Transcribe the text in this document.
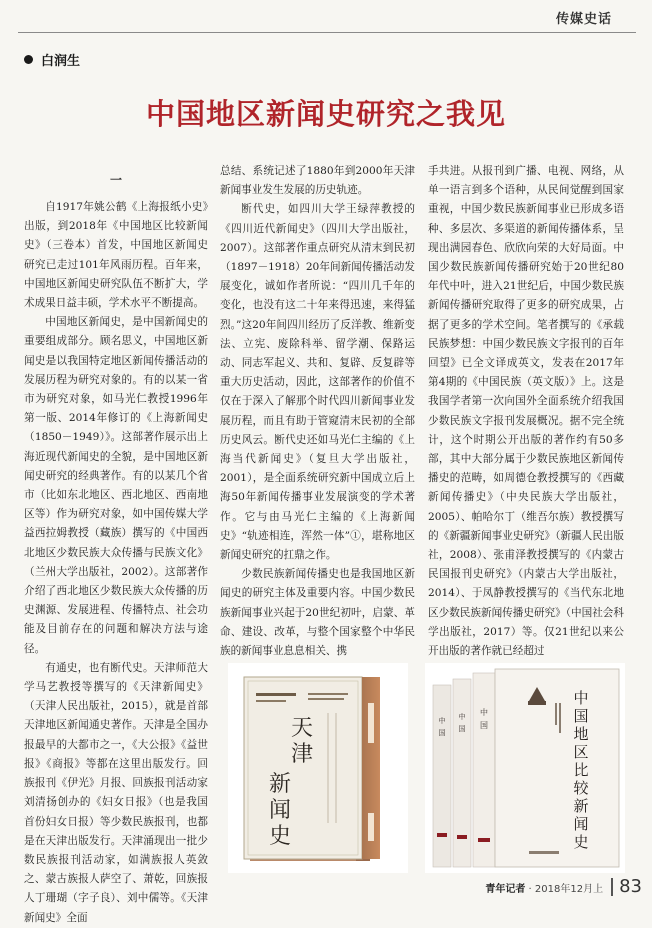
传媒史话
白润生
中国地区新闻史研究之我见

一

自1917年姚公鹤《上海报纸小史》出版，到2018年《中国地区比较新闻史》（三卷本）首发，中国地区新闻史研究已走过101年风雨历程。百年来，中国地区新闻史研究队伍不断扩大，学术成果日益丰硕，学术水平不断提高。

中国地区新闻史，是中国新闻史的重要组成部分。顾名思义，中国地区新闻史是以我国特定地区新闻传播活动的发展历程为研究对象的。有的以某一省市为研究对象，如马光仁教授1996年第一版、2014年修订的《上海新闻史（1850－1949）》。这部著作展示出上海近现代新闻史的全貌，是中国地区新闻史研究的经典著作。有的以某几个省市（比如东北地区、西北地区、西南地区等）作为研究对象，如中国传媒大学益西拉姆教授（藏族）撰写的《中国西北地区少数民族大众传播与民族文化》（兰州大学出版社，2002）。这部著作介绍了西北地区少数民族大众传播的历史渊源、发展进程、传播特点、社会功能及目前存在的问题和解决方法与途径。

有通史，也有断代史。天津师范大学马艺教授等撰写的《天津新闻史》（天津人民出版社，2015），就是首部天津地区新闻通史著作。天津是全国办报最早的大都市之一，《大公报》《益世报》《商报》等都在这里出版发行。回族报刊《伊光》月报、回族报刊活动家刘清扬创办的《妇女日报》（也是我国首份妇女日报）等少数民族报刊，也都是在天津出版发行。天津涌现出一批少数民族报刊活动家，如满族报人英敛之、蒙古族报人萨空了、萧乾，回族报人丁珊瑚（字子良）、刘中儒等。《天津新闻史》全面

总结、系统记述了1880年到2000年天津新闻事业发生发展的历史轨迹。

断代史，如四川大学王绿萍教授的《四川近代新闻史》（四川大学出版社，2007）。这部著作重点研究从清末到民初（1897－1918）20年间新闻传播活动发展变化，诚如作者所说：“四川几千年的变化，也没有这二十年来得迅速，来得猛烈。”这20年间四川经历了反洋教、维新变法、立宪、废除科举、留学潮、保路运动、同志军起义、共和、复辟、反复辟等重大历史活动，因此，这部著作的价值不仅在于深入了解那个时代四川新闻事业发展历程，而且有助于管窥清末民初的全部历史风云。断代史还如马光仁主编的《上海当代新闻史》（复旦大学出版社，2001），是全面系统研究新中国成立后上海50年新闻传播事业发展演变的学术著作。它与由马光仁主编的《上海新闻史》“轨迹相连，浑然一体”①，堪称地区新闻史研究的扛鼎之作。

少数民族新闻传播史也是我国地区新闻史的研究主体及重要内容。中国少数民族新闻事业兴起于20世纪初叶，启蒙、革命、建设、改革，与整个国家整个中华民族的新闻事业息息相关、携

手共进。从报刊到广播、电视、网络，从单一语言到多个语种，从民间觉醒到国家重视，中国少数民族新闻事业已形成多语种、多层次、多渠道的新闻传播体系，呈现出满园春色、欣欣向荣的大好局面。中国少数民族新闻传播研究始于20世纪80年代中叶，进入21世纪后，中国少数民族新闻传播研究取得了更多的研究成果，占据了更多的学术空间。笔者撰写的《承载民族梦想：中国少数民族文字报刊的百年回望》已全文译成英文，发表在2017年第4期的《中国民族（英文版）》上。这是我国学者第一次向国外全面系统介绍我国少数民族文字报刊发展概况。据不完全统计，这个时期公开出版的著作约有50多部，其中大部分属于少数民族地区新闻传播史的范畴，如周德仓教授撰写的《西藏新闻传播史》（中央民族大学出版社，2005）、帕哈尔丁（维吾尔族）教授撰写的《新疆新闻事业史研究》（新疆人民出版社，2008）、张甫泽教授撰写的《内蒙古民国报刊史研究》（内蒙古大学出版社，2014）、于凤静教授撰写的《当代东北地区少数民族新闻传播史研究》（中国社会科学出版社，2017）等。仅21世纪以来公开出版的著作就已经超过

天
津
新
闻
史
中
国
中
国
中
国
中
国
地
区
比
较
新
闻
史
青年记者 · 2018年12月上 83
